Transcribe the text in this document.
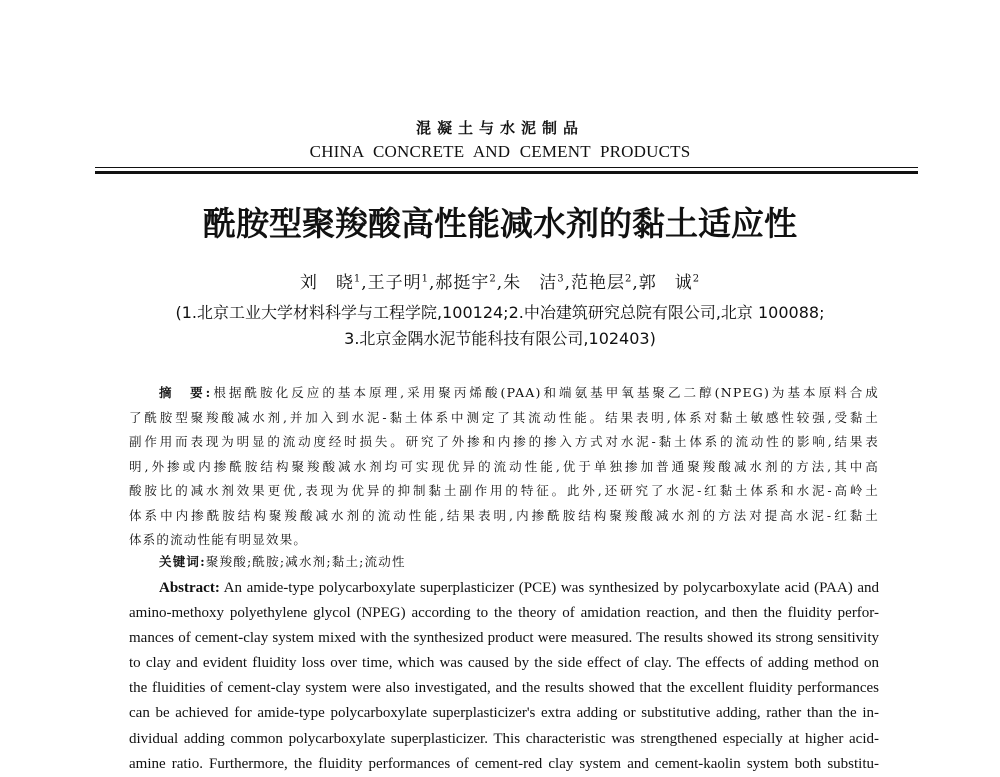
混凝土与水泥制品
CHINA CONCRETE AND CEMENT PRODUCTS
酰胺型聚羧酸高性能减水剂的黏土适应性
刘　晓$^1$,王子明$^1$,郝挺宇$^2$,朱　洁$^3$,范艳层$^2$,郭　诚$^2$
(1.北京工业大学材料科学与工程学院,100124;2.中冶建筑研究总院有限公司,北京 100088;
3.北京金隅水泥节能科技有限公司,102403)
摘　要:根据酰胺化反应的基本原理,采用聚丙烯酸(PAA)和端氨基甲氧基聚乙二醇(NPEG)为基本原料合成
了酰胺型聚羧酸减水剂,并加入到水泥-黏土体系中测定了其流动性能。结果表明,体系对黏土敏感性较强,受黏土
副作用而表现为明显的流动度经时损失。研究了外掺和内掺的掺入方式对水泥-黏土体系的流动性的影响,结果表
明,外掺或内掺酰胺结构聚羧酸减水剂均可实现优异的流动性能,优于单独掺加普通聚羧酸减水剂的方法,其中高
酸胺比的减水剂效果更优,表现为优异的抑制黏土副作用的特征。此外,还研究了水泥-红黏土体系和水泥-高岭土
体系中内掺酰胺结构聚羧酸减水剂的流动性能,结果表明,内掺酰胺结构聚羧酸减水剂的方法对提高水泥-红黏土
体系的流动性能有明显效果。
关键词:聚羧酸;酰胺;减水剂;黏土;流动性
Abstract: An amide-type polycarboxylate superplasticizer (PCE) was synthesized by polycarboxylate acid (PAA) and
amino-methoxy polyethylene glycol (NPEG) according to the theory of amidation reaction, and then the fluidity perfor-
mances of cement-clay system mixed with the synthesized product were measured. The results showed its strong sensitivity
to clay and evident fluidity loss over time, which was caused by the side effect of clay. The effects of adding method on
the fluidities of cement-clay system were also investigated, and the results showed that the excellent fluidity performances
can be achieved for amide-type polycarboxylate superplasticizer's extra adding or substitutive adding, rather than the in-
dividual adding common polycarboxylate superplasticizer. This characteristic was strengthened especially at higher acid-
amine ratio. Furthermore, the fluidity performances of cement-red clay system and cement-kaolin system both substitu-
